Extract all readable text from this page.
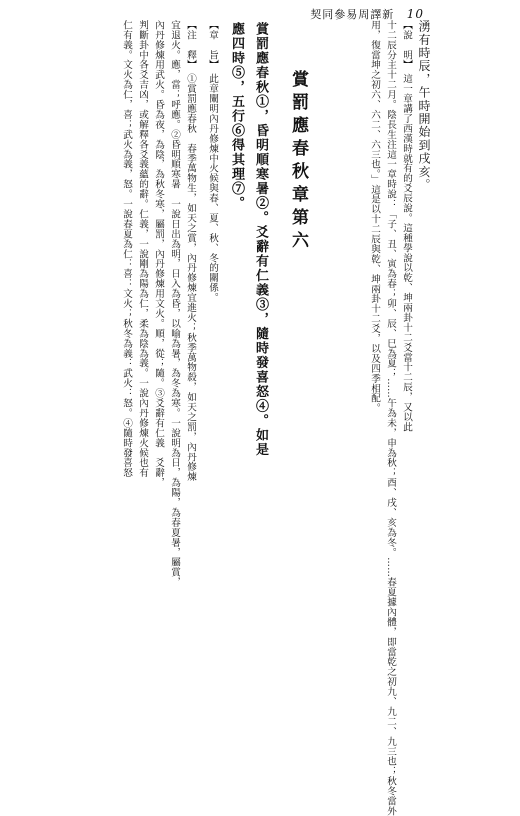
契同參易周譯新 10
湧有時辰，午時開始到戌亥。
【說　明】這一章講了西漢時就有的爻辰說。這種學說以乾、坤兩卦十二爻當十二辰，又以此
十二辰分主十二月。陰長生注這一章時說：「子、丑、寅為春；卯、辰、巳為夏；……午為未，申為秋；酉、戌、亥為冬。……春夏據內體，即當乾之初九、九二、九三也；秋冬當外
用，復當坤之初六、六二、六三也。」這是以十二辰與乾、坤兩卦十二爻，以及四季相配。
賞罰應春秋章第六
賞罰應春秋①，昏明順寒暑②。爻辭有仁義③，隨時發喜怒④。如是
應四時⑤，五行⑥得其理⑦。
【章　旨】此章闡明內丹修煉中火候與春、夏、秋、冬的關係。
【注　釋】①賞罰應春秋　春季萬物生，如天之賞，內丹修煉宜進火；秋季萬物殺，如天之罰，內丹修煉
宜退火。應，當；呼應。②昏明順寒暑　一說日出為明，日入為昏，以喻為暑，為冬為寒。一說明為日，為陽，為春夏暑，屬賞，
內丹修煉用武火。昏為夜，為陰，為秋冬寒，屬罰，內丹修煉用文火。順，從；隨。③爻辭有仁義　爻辭，
判斷卦中各爻吉凶，或解釋各爻義蘊的辭。仁義，一說剛為陽為仁，柔為陰為義。一說內丹修煉火候也有
仁有義。文火為仁，喜；武火為義，怒。一說春夏為仁：喜：文火；秋冬為義：武火：怒。④隨時發喜怒
